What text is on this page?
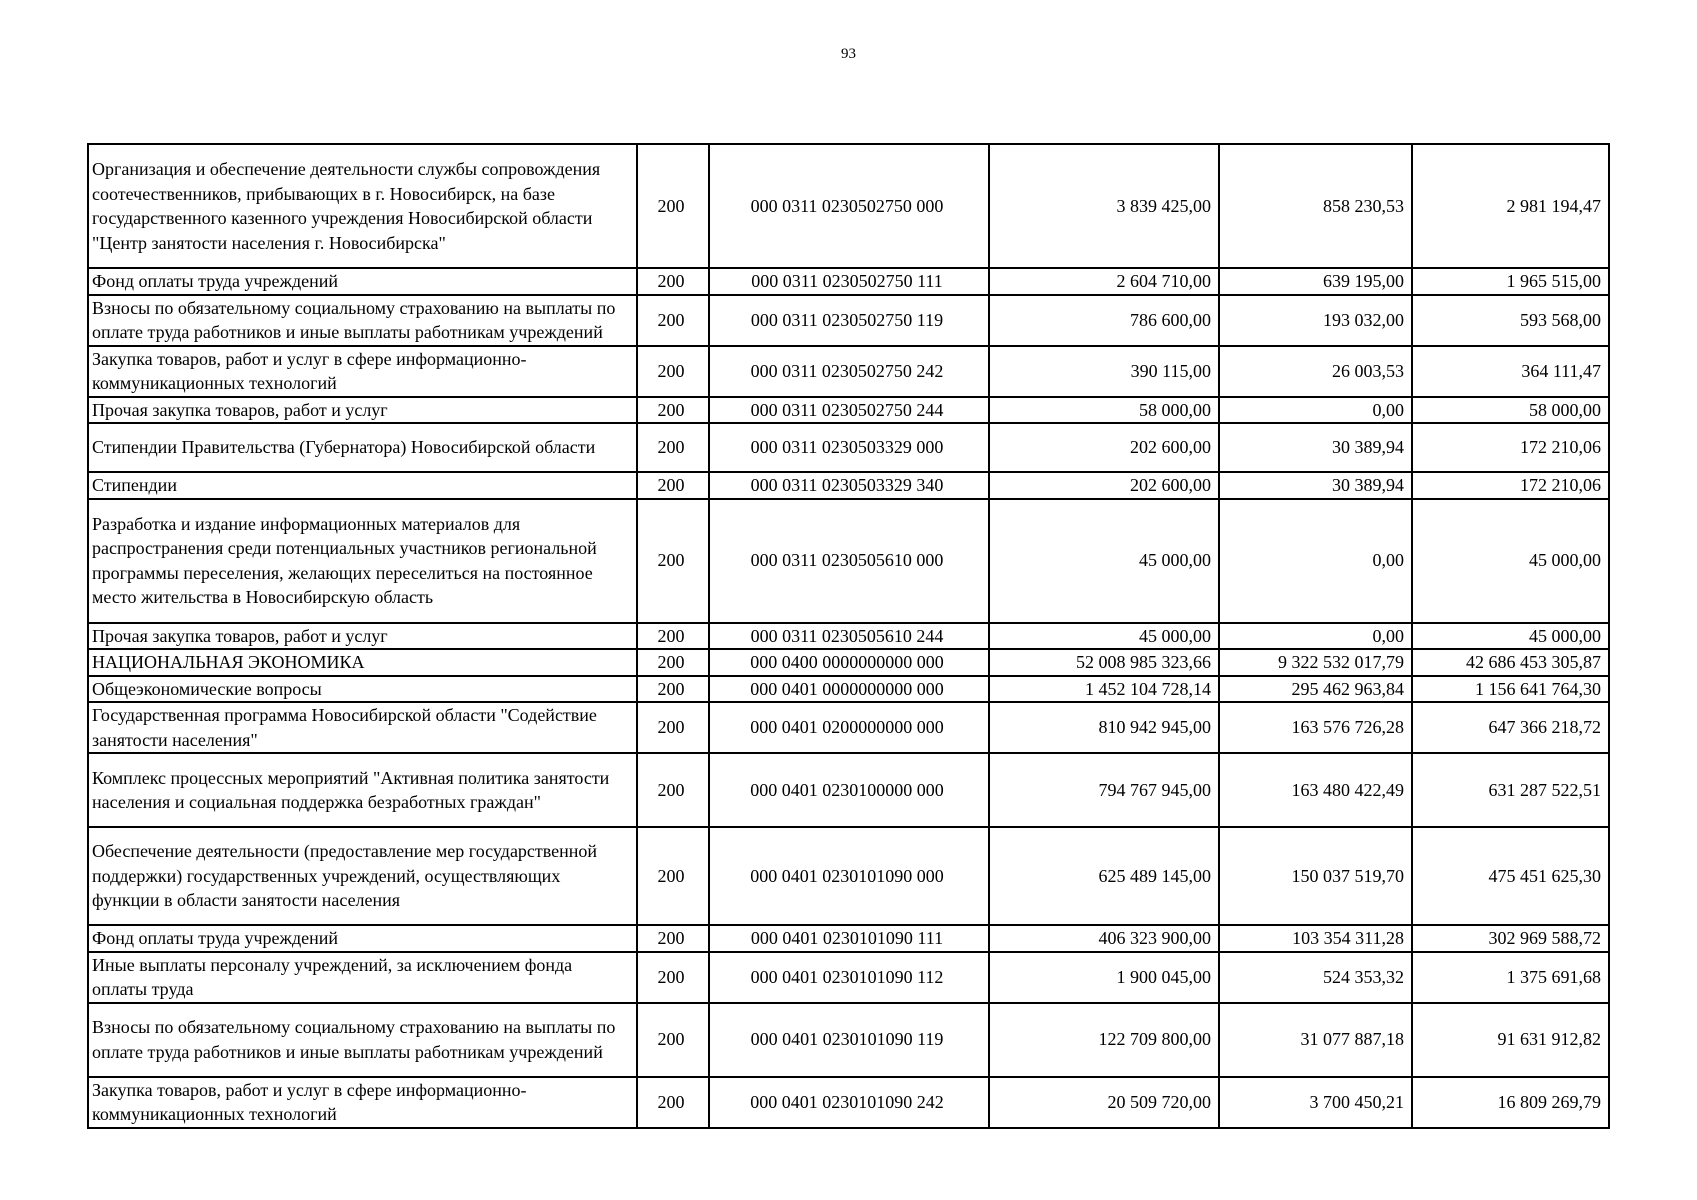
93
Организация и обеспечение деятельности службы сопровождения соотечественников, прибывающих в г. Новосибирск, на базе государственного казенного учреждения Новосибирской области "Центр занятости населения г. Новосибирска"	200	000 0311 0230502750 000	3 839 425,00	858 230,53	2 981 194,47
Фонд оплаты труда учреждений	200	000 0311 0230502750 111	2 604 710,00	639 195,00	1 965 515,00
Взносы по обязательному социальному страхованию на выплаты по оплате труда работников и иные выплаты работникам учреждений	200	000 0311 0230502750 119	786 600,00	193 032,00	593 568,00
Закупка товаров, работ и услуг в сфере информационно-коммуникационных технологий	200	000 0311 0230502750 242	390 115,00	26 003,53	364 111,47
Прочая закупка товаров, работ и услуг	200	000 0311 0230502750 244	58 000,00	0,00	58 000,00
Стипендии Правительства (Губернатора) Новосибирской области	200	000 0311 0230503329 000	202 600,00	30 389,94	172 210,06
Стипендии	200	000 0311 0230503329 340	202 600,00	30 389,94	172 210,06
Разработка и издание информационных материалов для распространения среди потенциальных участников региональной программы переселения, желающих переселиться на постоянное место жительства в Новосибирскую область	200	000 0311 0230505610 000	45 000,00	0,00	45 000,00
Прочая закупка товаров, работ и услуг	200	000 0311 0230505610 244	45 000,00	0,00	45 000,00
НАЦИОНАЛЬНАЯ ЭКОНОМИКА	200	000 0400 0000000000 000	52 008 985 323,66	9 322 532 017,79	42 686 453 305,87
Общеэкономические вопросы	200	000 0401 0000000000 000	1 452 104 728,14	295 462 963,84	1 156 641 764,30
Государственная программа Новосибирской области "Содействие занятости населения"	200	000 0401 0200000000 000	810 942 945,00	163 576 726,28	647 366 218,72
Комплекс процессных мероприятий "Активная политика занятости населения и социальная поддержка безработных граждан"	200	000 0401 0230100000 000	794 767 945,00	163 480 422,49	631 287 522,51
Обеспечение деятельности (предоставление мер государственной поддержки) государственных учреждений, осуществляющих функции в области занятости населения	200	000 0401 0230101090 000	625 489 145,00	150 037 519,70	475 451 625,30
Фонд оплаты труда учреждений	200	000 0401 0230101090 111	406 323 900,00	103 354 311,28	302 969 588,72
Иные выплаты персоналу учреждений, за исключением фонда оплаты труда	200	000 0401 0230101090 112	1 900 045,00	524 353,32	1 375 691,68
Взносы по обязательному социальному страхованию на выплаты по оплате труда работников и иные выплаты работникам учреждений	200	000 0401 0230101090 119	122 709 800,00	31 077 887,18	91 631 912,82
Закупка товаров, работ и услуг в сфере информационно-коммуникационных технологий	200	000 0401 0230101090 242	20 509 720,00	3 700 450,21	16 809 269,79
